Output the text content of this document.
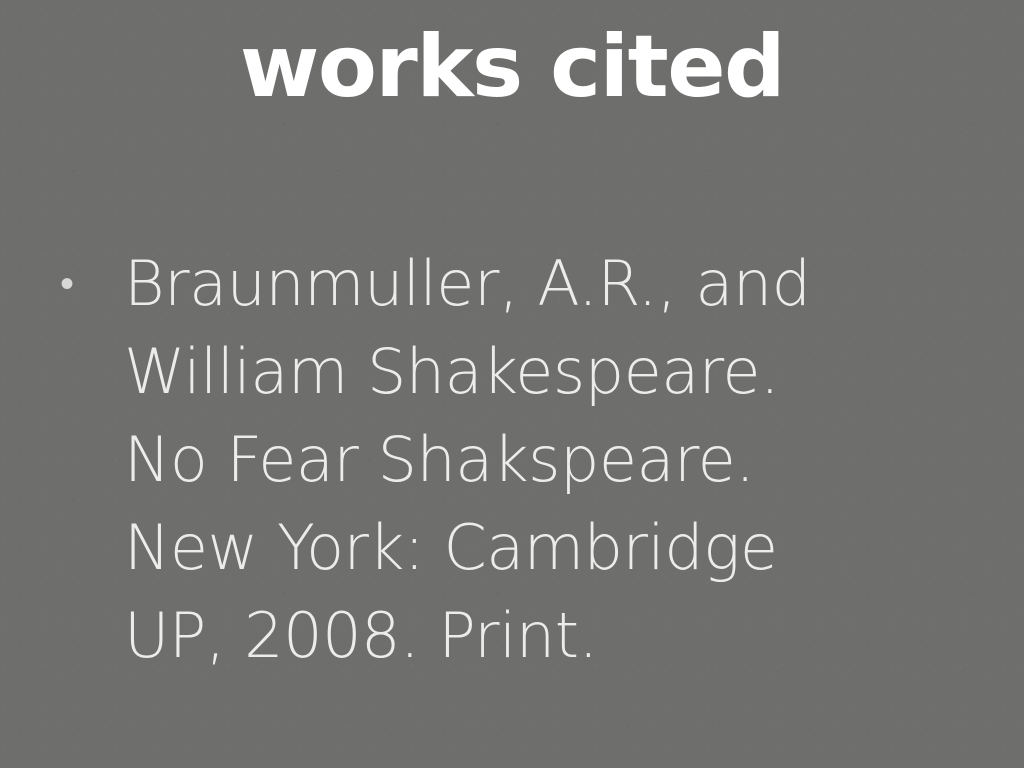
works cited
• Braunmuller, A.R., and William Shakespeare. No Fear Shakspeare. New York: Cambridge UP, 2008. Print.
